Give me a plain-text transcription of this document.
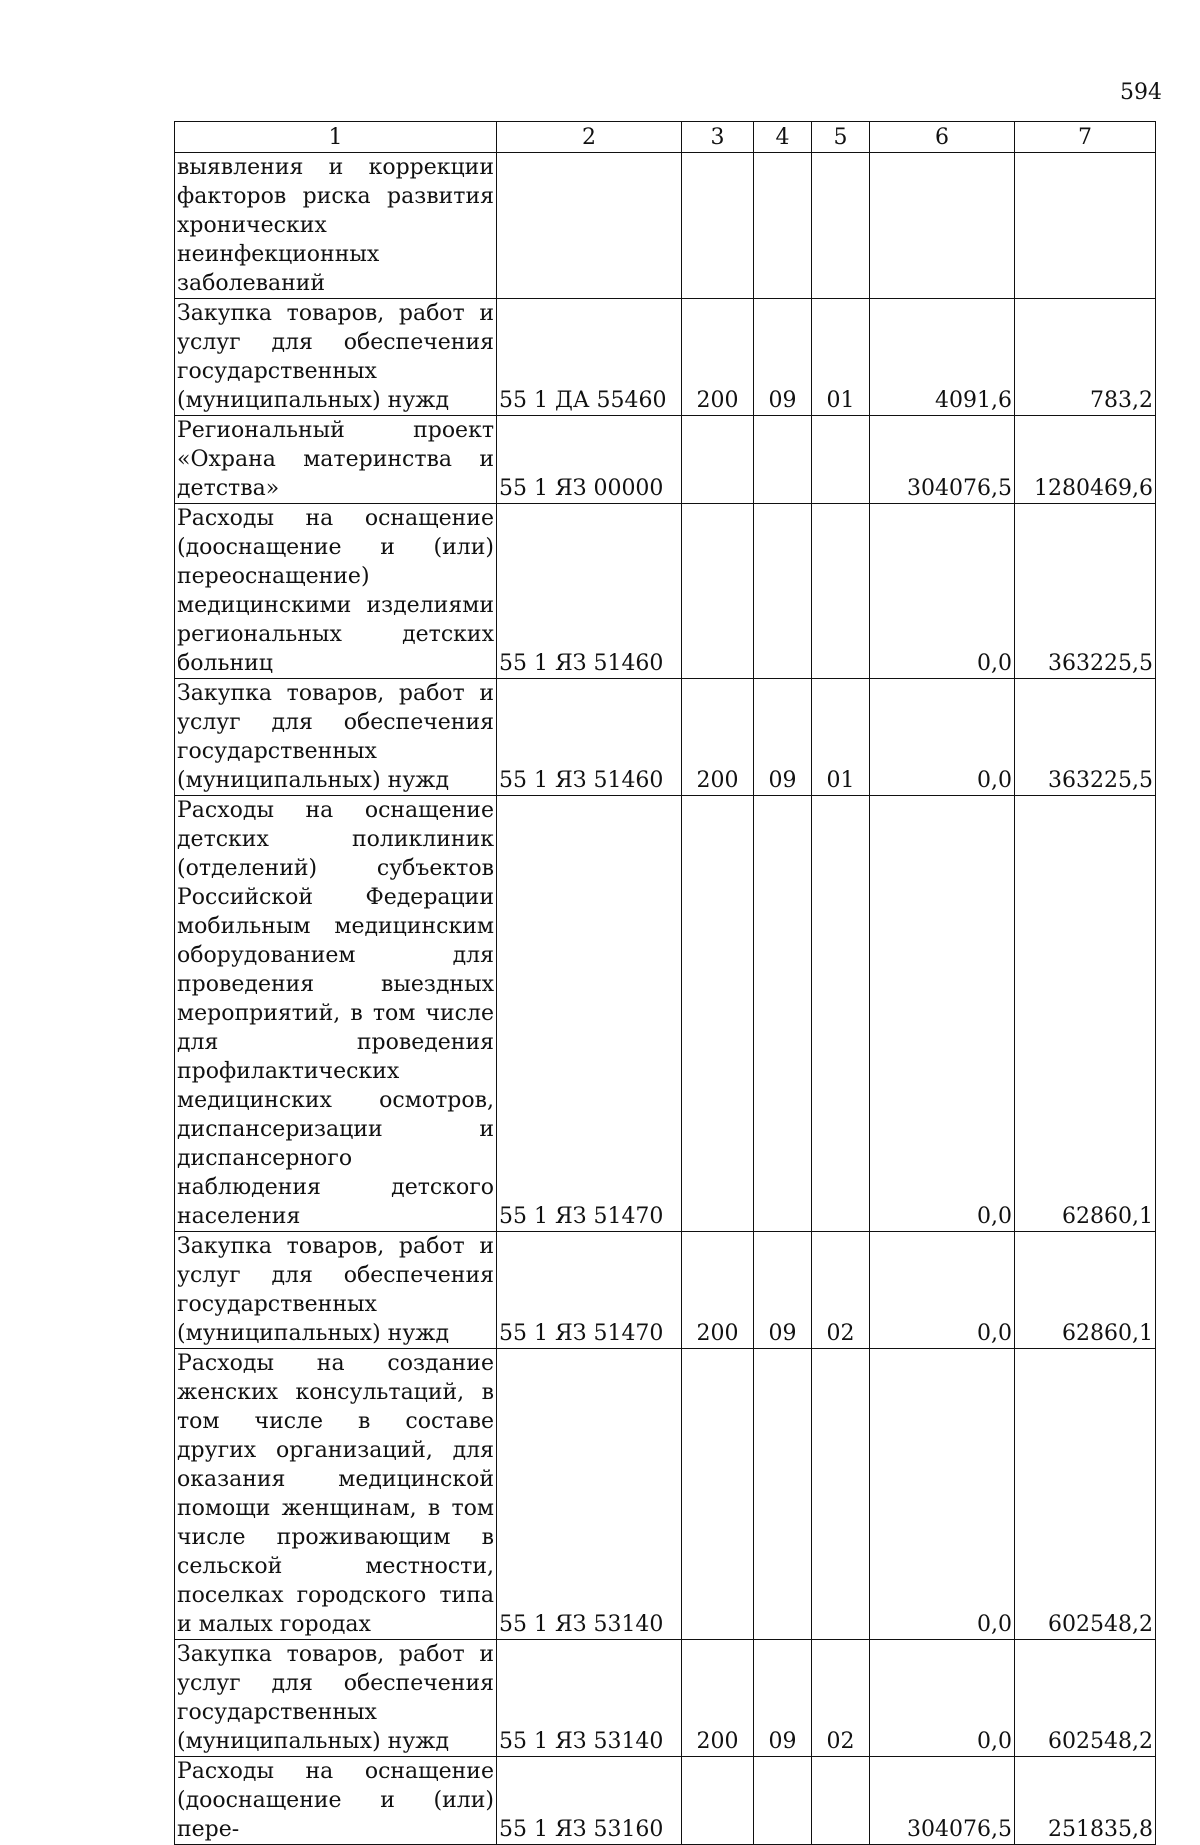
594
1	2	3	4	5	6	7
выявления и коррекции факторов риска развития хронических неинфекционных заболеваний						
Закупка товаров, работ и услуг для обеспечения государственных (муниципальных) нужд	55 1 ДА 55460	200	09	01	4091,6	783,2
Региональный проект «Охрана материнства и детства»	55 1 ЯЗ 00000				304076,5	1280469,6
Расходы на оснащение (дооснащение и (или) переоснащение) медицинскими изделиями региональных детских больниц	55 1 ЯЗ 51460				0,0	363225,5
Закупка товаров, работ и услуг для обеспечения государственных (муниципальных) нужд	55 1 ЯЗ 51460	200	09	01	0,0	363225,5
Расходы на оснащение детских поликлиник (отделений) субъектов Российской Федерации мобильным медицинским оборудованием для проведения выездных мероприятий, в том числе для проведения профилактических медицинских осмотров, диспансеризации и диспансерного наблюдения детского населения	55 1 ЯЗ 51470				0,0	62860,1
Закупка товаров, работ и услуг для обеспечения государственных (муниципальных) нужд	55 1 ЯЗ 51470	200	09	02	0,0	62860,1
Расходы на создание женских консультаций, в том числе в составе других организаций, для оказания медицинской помощи женщинам, в том числе проживающим в сельской местности, поселках городского типа и малых городах	55 1 ЯЗ 53140				0,0	602548,2
Закупка товаров, работ и услуг для обеспечения государственных (муниципальных) нужд	55 1 ЯЗ 53140	200	09	02	0,0	602548,2
Расходы на оснащение (дооснащение и (или) пере-	55 1 ЯЗ 53160				304076,5	251835,8
